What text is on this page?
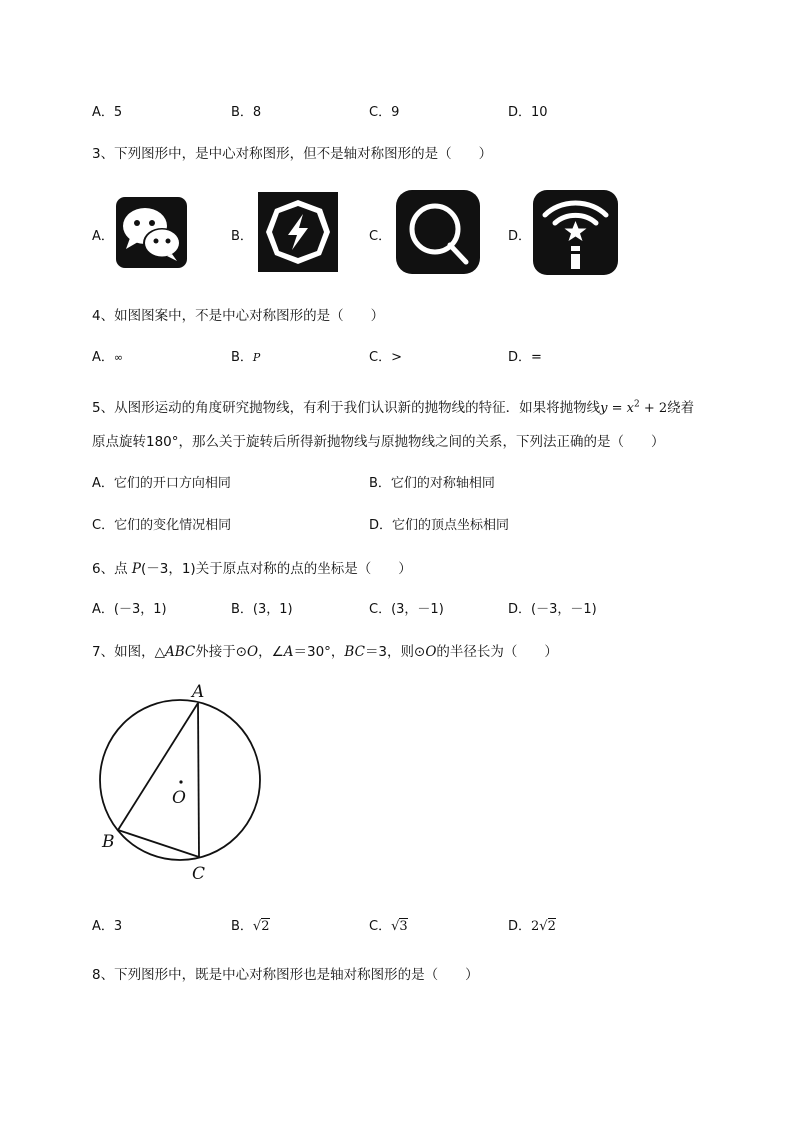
A．5	B．8	C．9	D．10
3、下列图形中，是中心对称图形，但不是轴对称图形的是（　　）
A．	B．	C．	D．
4、如图图案中，不是中心对称图形的是（　　）
A．∞	B．P	C．>	D．=
5、从图形运动的角度研究抛物线，有利于我们认识新的抛物线的特征．如果将抛物线$y = x^2 + 2$绕着
原点旋转180°，那么关于旋转后所得新抛物线与原抛物线之间的关系，下列法正确的是（　　）
A．它们的开口方向相同	B．它们的对称轴相同
C．它们的变化情况相同	D．它们的顶点坐标相同
6、点 P(－3，1)关于原点对称的点的坐标是（　　）
A．(－3，1)	B．(3，1)	C．(3，－1)	D．(－3，－1)
7、如图，△ABC外接于⊙O，∠A＝30°，BC＝3，则⊙O的半径长为（　　）
A
B
C
O
A．3	B．√2	C．√3	D．2√2
8、下列图形中，既是中心对称图形也是轴对称图形的是（　　）
